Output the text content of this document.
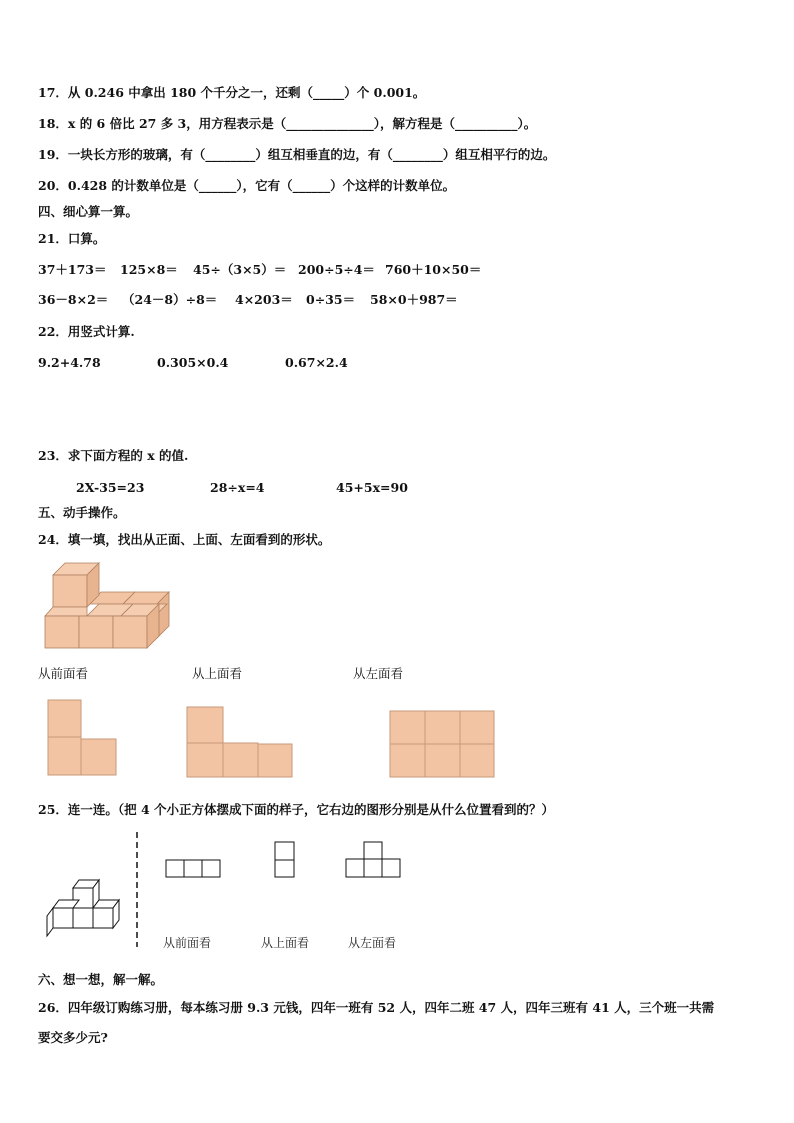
17．从 0.246 中拿出 180 个千分之一，还剩（_____）个 0.001。
18．x 的 6 倍比 27 多 3，用方程表示是（______________），解方程是（__________）。
19．一块长方形的玻璃，有（________）组互相垂直的边，有（________）组互相平行的边。
20．0.428 的计数单位是（______），它有（______）个这样的计数单位。
四、细心算一算。
21．口算。
37＋173＝ 125×8＝ 45÷（3×5）＝ 200÷5÷4＝ 760＋10×50＝
36－8×2＝ （24－8）÷8＝ 4×203＝ 0÷35＝ 58×0＋987＝
22．用竖式计算.
9.2+4.78	0.305×0.4	0.67×2.4
23．求下面方程的 x 的值.
2X-35=23	28÷x=4	45+5x=90
五、动手操作。
24．填一填，找出从正面、上面、左面看到的形状。
从前面看	从上面看	从左面看
25．连一连。（把 4 个小正方体摆成下面的样子，它右边的图形分别是从什么位置看到的？）
从前面看	从上面看	从左面看
六、想一想，解一解。
26．四年级订购练习册，每本练习册 9.3 元钱，四年一班有 52 人，四年二班 47 人，四年三班有 41 人，三个班一共需
要交多少元?
